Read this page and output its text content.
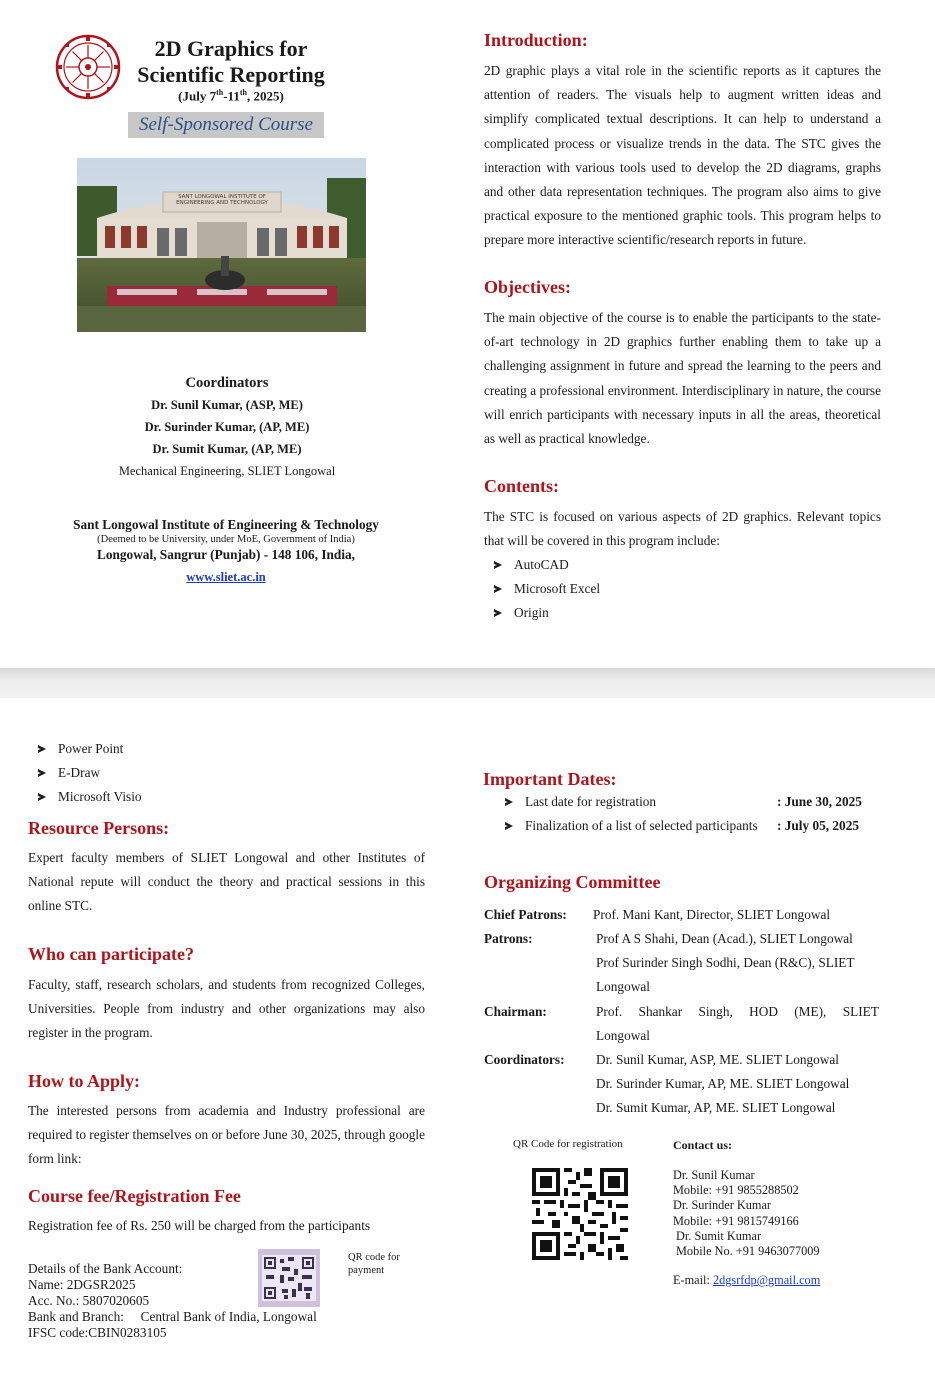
2D Graphics for
Scientific Reporting
(July 7th-11th, 2025)
Self-Sponsored Course
SANT LONGOWAL INSTITUTE OF
ENGINEERING AND TECHNOLOGY
Coordinators
Dr. Sunil Kumar, (ASP, ME)
Dr. Surinder Kumar, (AP, ME)
Dr. Sumit Kumar, (AP, ME)
Mechanical Engineering, SLIET Longowal
Sant Longowal Institute of Engineering & Technology
(Deemed to be University, under MoE, Government of India)
Longowal, Sangrur (Punjab) - 148 106, India,
www.sliet.ac.in
Introduction:
2D graphic plays a vital role in the scientific reports as it captures the attention of readers. The visuals help to augment written ideas and simplify complicated textual descriptions. It can help to understand a complicated process or visualize trends in the data. The STC gives the interaction with various tools used to develop the 2D diagrams, graphs and other data representation techniques. The program also aims to give practical exposure to the mentioned graphic tools. This program helps to prepare more interactive scientific/research reports in future.
Objectives:
The main objective of the course is to enable the participants to the state-of-art technology in 2D graphics further enabling them to take up a challenging assignment in future and spread the learning to the peers and creating a professional environment. Interdisciplinary in nature, the course will enrich participants with necessary inputs in all the areas, theoretical as well as practical knowledge.
Contents:
The STC is focused on various aspects of 2D graphics. Relevant topics that will be covered in this program include:
AutoCAD
Microsoft Excel
Origin
Power Point
E-Draw
Microsoft Visio
Resource Persons:
Expert faculty members of SLIET Longowal and other Institutes of National repute will conduct the theory and practical sessions in this online STC.
Who can participate?
Faculty, staff, research scholars, and students from recognized Colleges, Universities. People from industry and other organizations may also register in the program.
How to Apply:
The interested persons from academia and Industry professional are required to register themselves on or before June 30, 2025, through google form link:
Course fee/Registration Fee
Registration fee of Rs. 250 will be charged from the participants
Details of the Bank Account:
Name: 2DGSR2025
Acc. No.: 5807020605
Bank and Branch: Central Bank of India, Longowal
IFSC code:CBIN0283105
QR code for payment
Important Dates:
Last date for registration	: June 30, 2025
Finalization of a list of selected participants : July 05, 2025
Organizing Committee
Chief Patrons:	Prof. Mani Kant, Director, SLIET Longowal
Patrons:	Prof A S Shahi, Dean (Acad.), SLIET Longowal
Prof Surinder Singh Sodhi, Dean (R&C), SLIET
Longowal
Chairman:	Prof. Shankar Singh, HOD (ME), SLIET
Longowal
Coordinators:	Dr. Sunil Kumar, ASP, ME. SLIET Longowal
Dr. Surinder Kumar, AP, ME. SLIET Longowal
Dr. Sumit Kumar, AP, ME. SLIET Longowal
QR Code for registration	Contact us:
Dr. Sunil Kumar
Mobile: +91 9855288502
Dr. Surinder Kumar
Mobile: +91 9815749166
Dr. Sumit Kumar
Mobile No. +91 9463077009
E-mail: 2dgsrfdp@gmail.com
